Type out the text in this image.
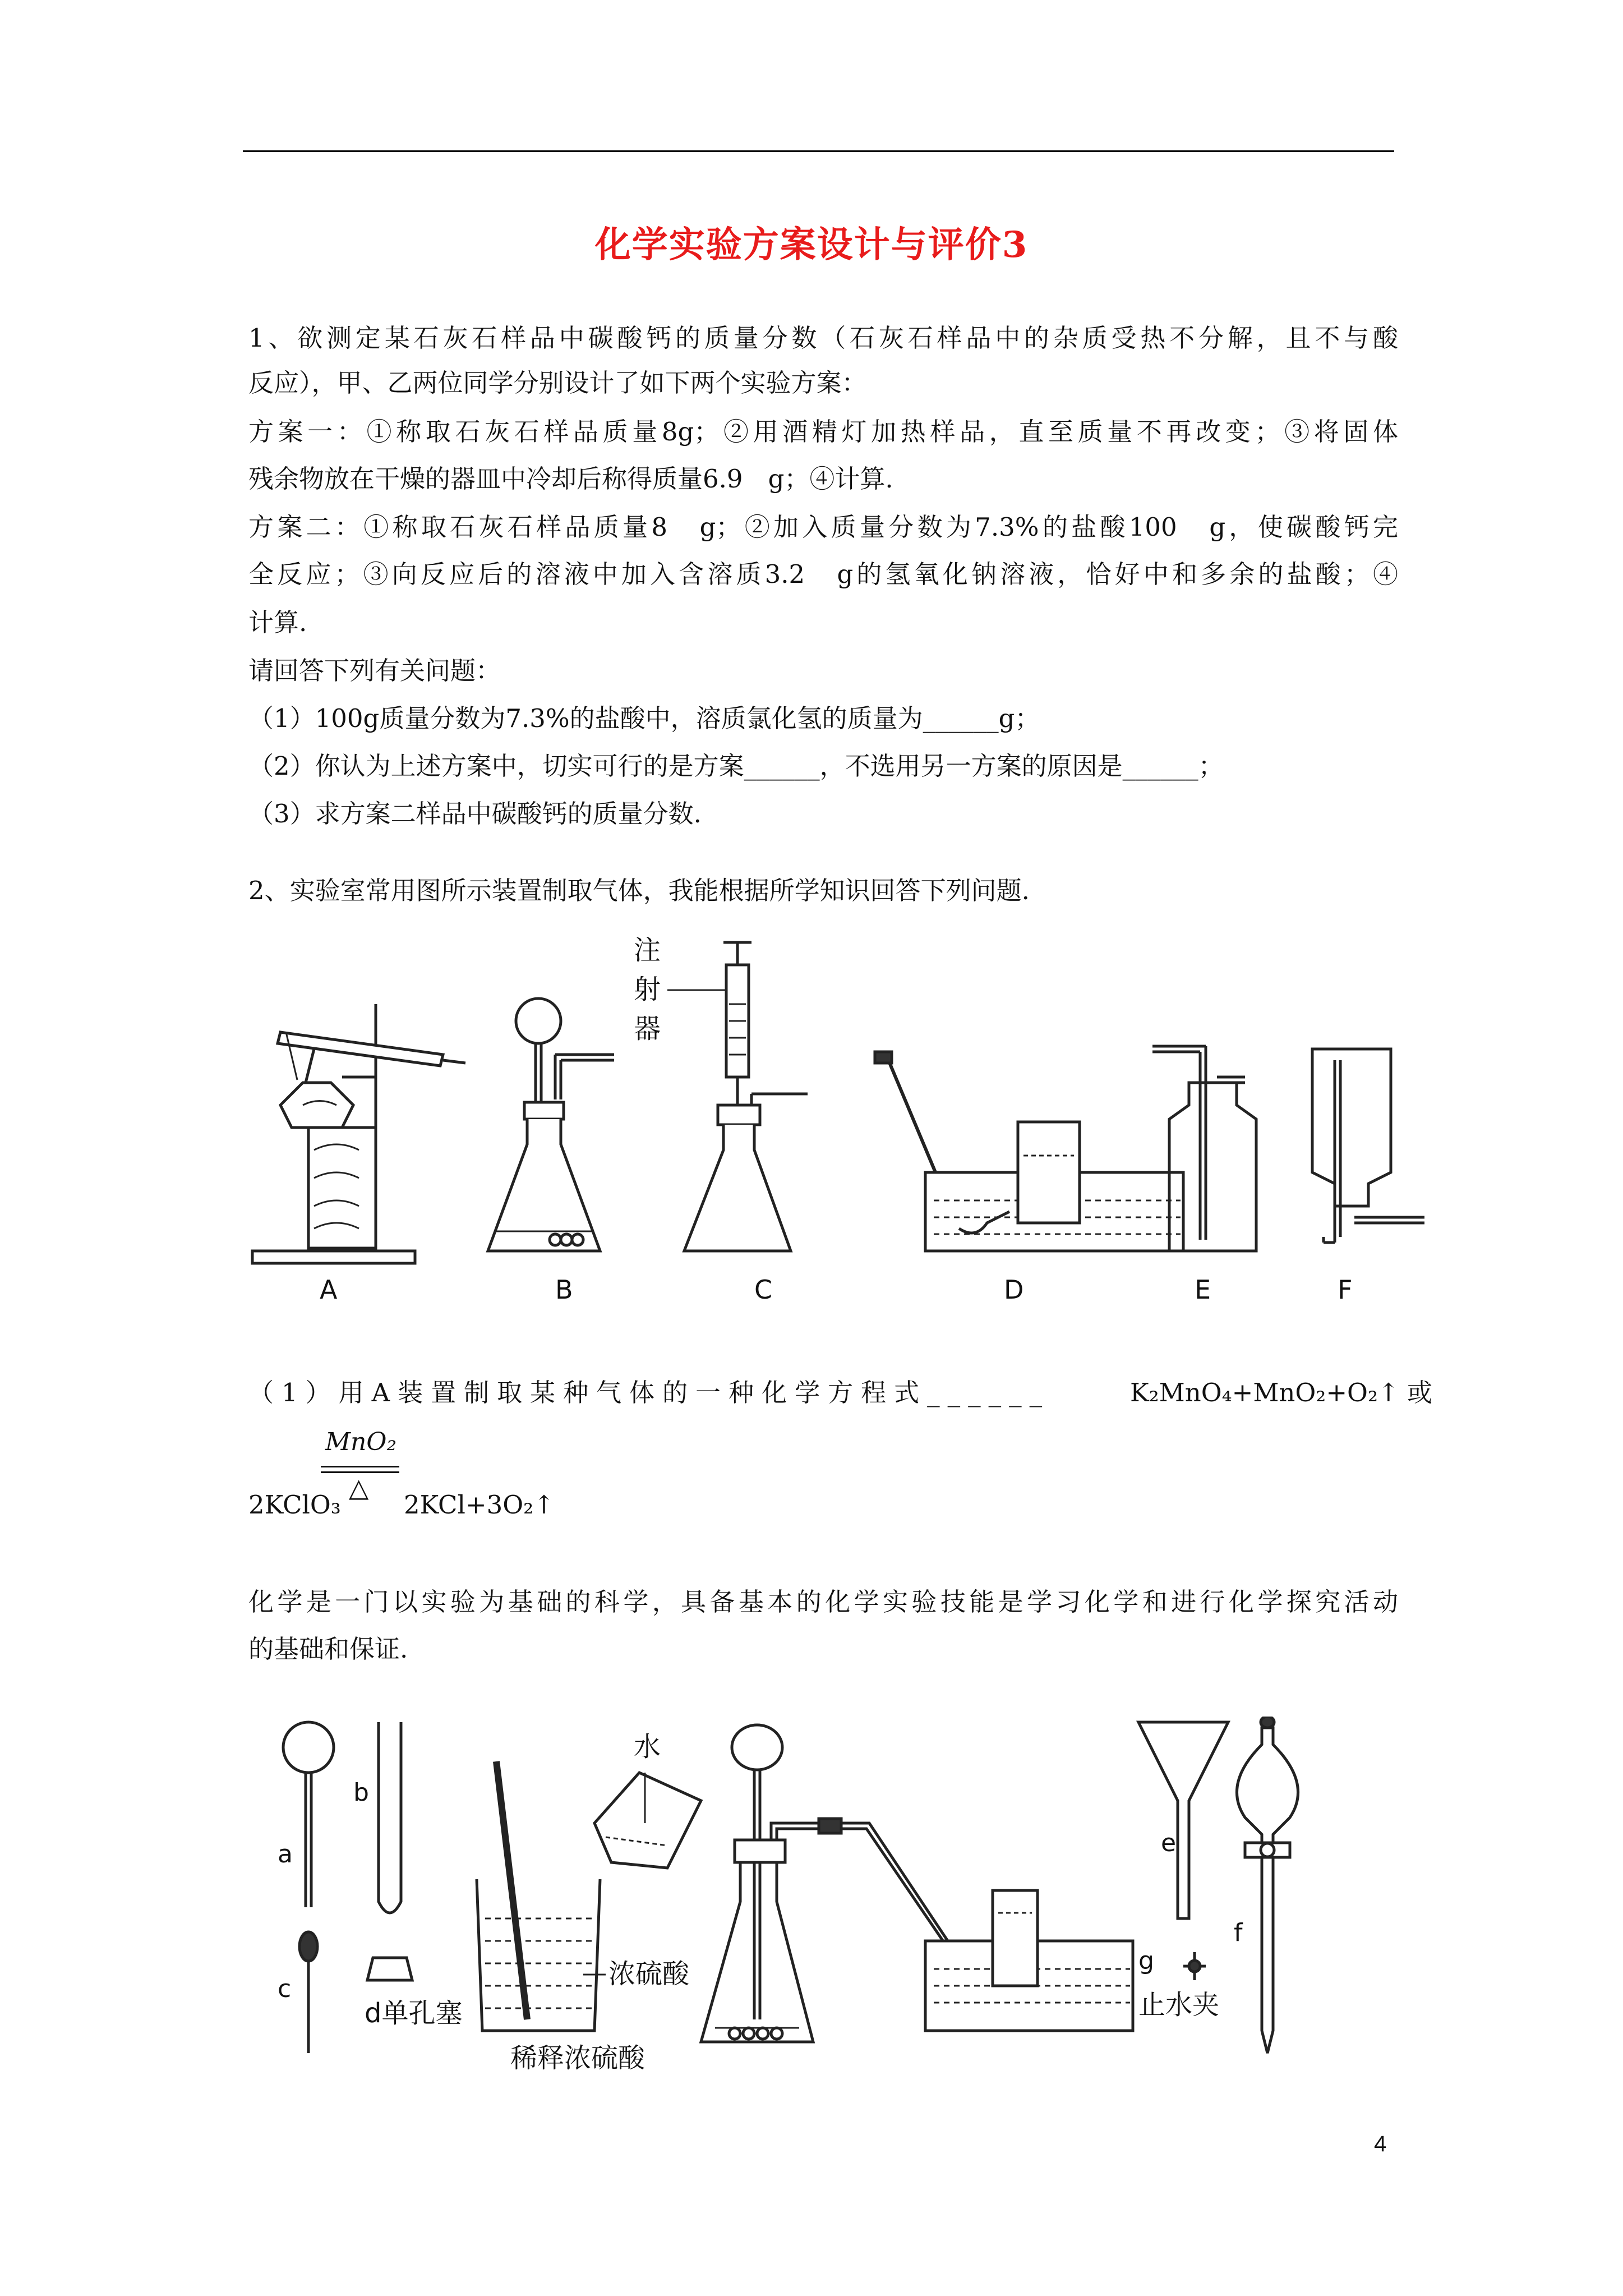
化学实验方案设计与评价3
1、欲测定某石灰石样品中碳酸钙的质量分数（石灰石样品中的杂质受热不分解，且不与酸
反应），甲、乙两位同学分别设计了如下两个实验方案：
方案一：①称取石灰石样品质量8g；②用酒精灯加热样品，直至质量不再改变；③将固体
残余物放在干燥的器皿中冷却后称得质量6.9　g；④计算.
方案二：①称取石灰石样品质量8　g；②加入质量分数为7.3%的盐酸100　g，使碳酸钙完
全反应；③向反应后的溶液中加入含溶质3.2　g的氢氧化钠溶液，恰好中和多余的盐酸；④
计算.
请回答下列有关问题：
（1）100g质量分数为7.3%的盐酸中，溶质氯化氢的质量为______g；
（2）你认为上述方案中，切实可行的是方案______，不选用另一方案的原因是______；
（3）求方案二样品中碳酸钙的质量分数.
2、实验室常用图所示装置制取气体，我能根据所学知识回答下列问题.
注
射
器
A	B	C	D	E	F
（1）用A装置制取某种气体的一种化学方程式______	K₂MnO₄+MnO₂+O₂↑ 或
MnO₂
2KClO₃
△
2KCl+3O₂↑
化学是一门以实验为基础的科学，具备基本的化学实验技能是学习化学和进行化学探究活动
的基础和保证.
a
b
c
d单孔塞
水
浓硫酸
稀释浓硫酸
e
f
g
止水夹
4
